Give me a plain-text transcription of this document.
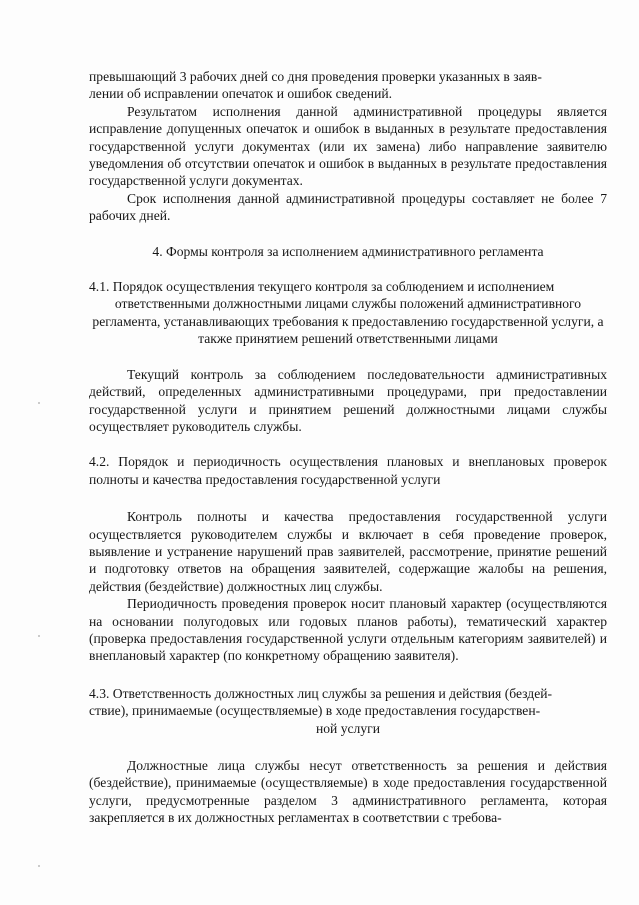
превышающий 3 рабочих дней со дня проведения проверки указанных в заяв-

лении об исправлении опечаток и ошибок сведений.

Результатом исполнения данной административной процедуры является исправление допущенных опечаток и ошибок в выданных в результате предоставления государственной услуги документах (или их замена) либо направление заявителю уведомления об отсутствии опечаток и ошибок в выданных в результате предоставления государственной услуги документах.

Срок исполнения данной административной процедуры составляет не более 7 рабочих дней.

4. Формы контроля за исполнением административного регламента

4.1. Порядок осуществления текущего контроля за соблюдением и исполнением

ответственными должностными лицами службы положений административного регламента, устанавливающих требования к предоставлению государственной услуги, а также принятием решений ответственными лицами

Текущий контроль за соблюдением последовательности административных действий, определенных административными процедурами, при предоставлении государственной услуги и принятием решений должностными лицами службы осуществляет руководитель службы.

4.2. Порядок и периодичность осуществления плановых и внеплановых проверок полноты и качества предоставления государственной услуги

Контроль полноты и качества предоставления государственной услуги осуществляется руководителем службы и включает в себя проведение проверок, выявление и устранение нарушений прав заявителей, рассмотрение, принятие решений и подготовку ответов на обращения заявителей, содержащие жалобы на решения, действия (бездействие) должностных лиц службы.

Периодичность проведения проверок носит плановый характер (осуществляются на основании полугодовых или годовых планов работы), тематический характер (проверка предоставления государственной услуги отдельным категориям заявителей) и внеплановый характер (по конкретному обращению заявителя).

4.3. Ответственность должностных лиц службы за решения и действия (бездей-

ствие), принимаемые (осуществляемые) в ходе предоставления государствен-

ной услуги

Должностные лица службы несут ответственность за решения и действия (бездействие), принимаемые (осуществляемые) в ходе предоставления государственной услуги, предусмотренные разделом 3 административного регламента, которая закрепляется в их должностных регламентах в соответствии с требова-
